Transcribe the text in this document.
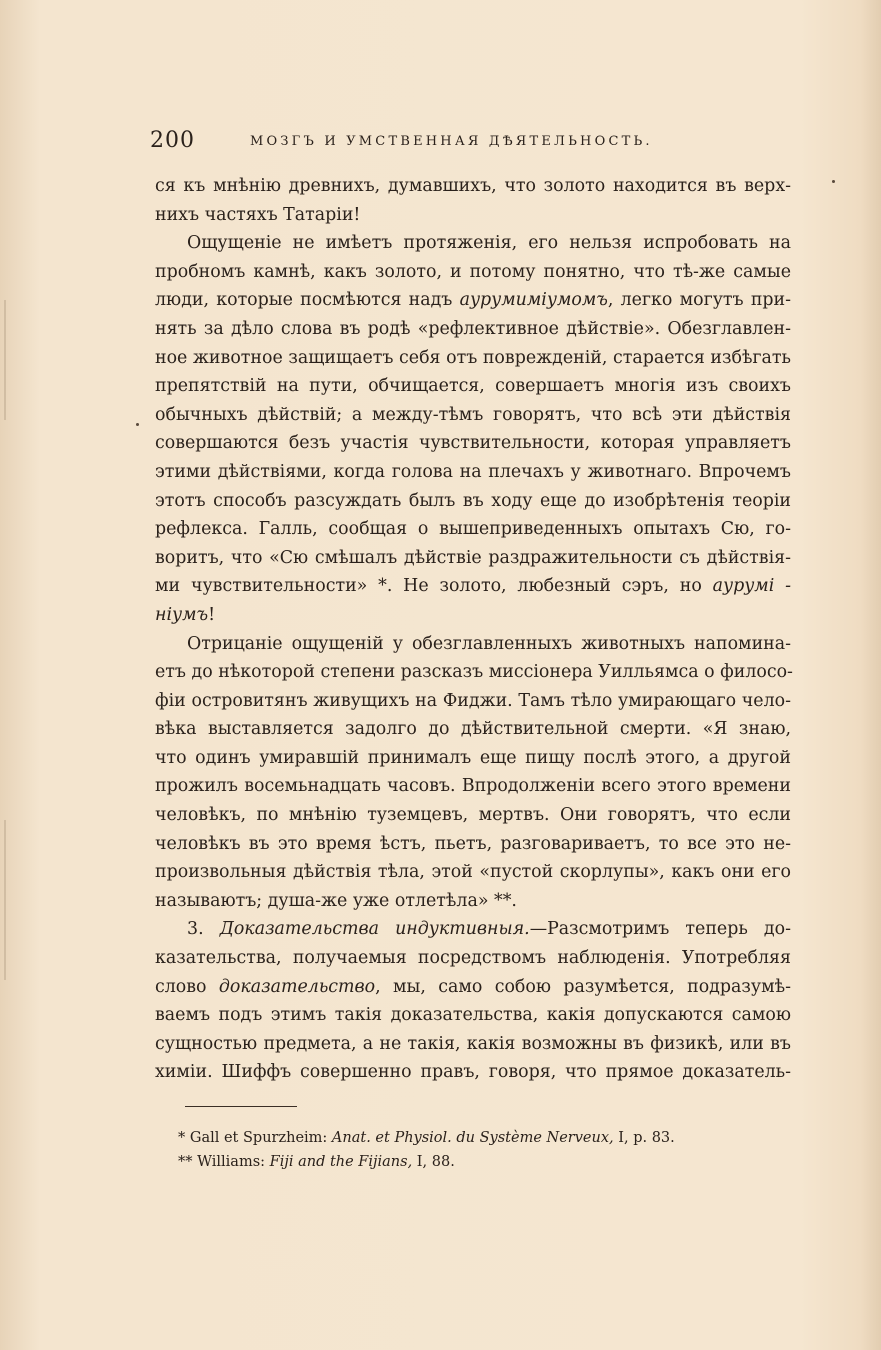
200	МОЗГЪ И УМСТВЕННАЯ ДѢЯТЕЛЬНОСТЬ.

ся къ мнѣнію древнихъ, думавшихъ, что золото находится въ верх-
нихъ частяхъ Татаріи!

Ощущеніе не имѣетъ протяженія, его нельзя испробовать на
пробномъ камнѣ, какъ золото, и потому понятно, что тѣ-же самые
люди, которые посмѣются надъ аурумиміумомъ, легко могутъ при-
нять за дѣло слова въ родѣ «рефлективное дѣйствіе». Обезглавлен-
ное животное защищаетъ себя отъ поврежденій, старается избѣгать
препятствій на пути, обчищается, совершаетъ многія изъ своихъ
обычныхъ дѣйствій; а между-тѣмъ говорятъ, что всѣ эти дѣйствія
совершаются безъ участія чувствительности, которая управляетъ
этими дѣйствіями, когда голова на плечахъ у животнаго. Впрочемъ
этотъ способъ разсуждать былъ въ ходу еще до изобрѣтенія теоріи
рефлекса. Галль, сообщая о вышеприведенныхъ опытахъ Сю, го-
воритъ, что «Сю смѣшалъ дѣйствіе раздражительности съ дѣйствія-
ми чувствительности» *. Не золото, любезный сэръ, но аурумі -
ніумъ!

Отрицаніе ощущеній у обезглавленныхъ животныхъ напомина-
етъ до нѣкоторой степени разсказъ миссіонера Уилльямса о филосо-
фіи островитянъ живущихъ на Фиджи. Тамъ тѣло умирающаго чело-
вѣка выставляется задолго до дѣйствительной смерти. «Я знаю,
что одинъ умиравшій принималъ еще пищу послѣ этого, а другой
прожилъ восемьнадцать часовъ. Впродолженіи всего этого времени
человѣкъ, по мнѣнію туземцевъ, мертвъ. Они говорятъ, что если
человѣкъ въ это время ѣстъ, пьетъ, разговариваетъ, то все это не-
произвольныя дѣйствія тѣла, этой «пустой скорлупы», какъ они его
называютъ; душа-же уже отлетѣла» **.

3. Доказательства индуктивныя.—Разсмотримъ теперь до-
казательства, получаемыя посредствомъ наблюденія. Употребляя
слово доказательство, мы, само собою разумѣется, подразумѣ-
ваемъ подъ этимъ такія доказательства, какія допускаются самою
сущностью предмета, а не такія, какія возможны въ физикѣ, или въ
химіи. Шиффъ совершенно правъ, говоря, что прямое доказатель-

* Gall et Spurzheim: Anat. et Physiol. du Système Nerveux, I, p. 83.
** Williams: Fiji and the Fijians, I, 88.
